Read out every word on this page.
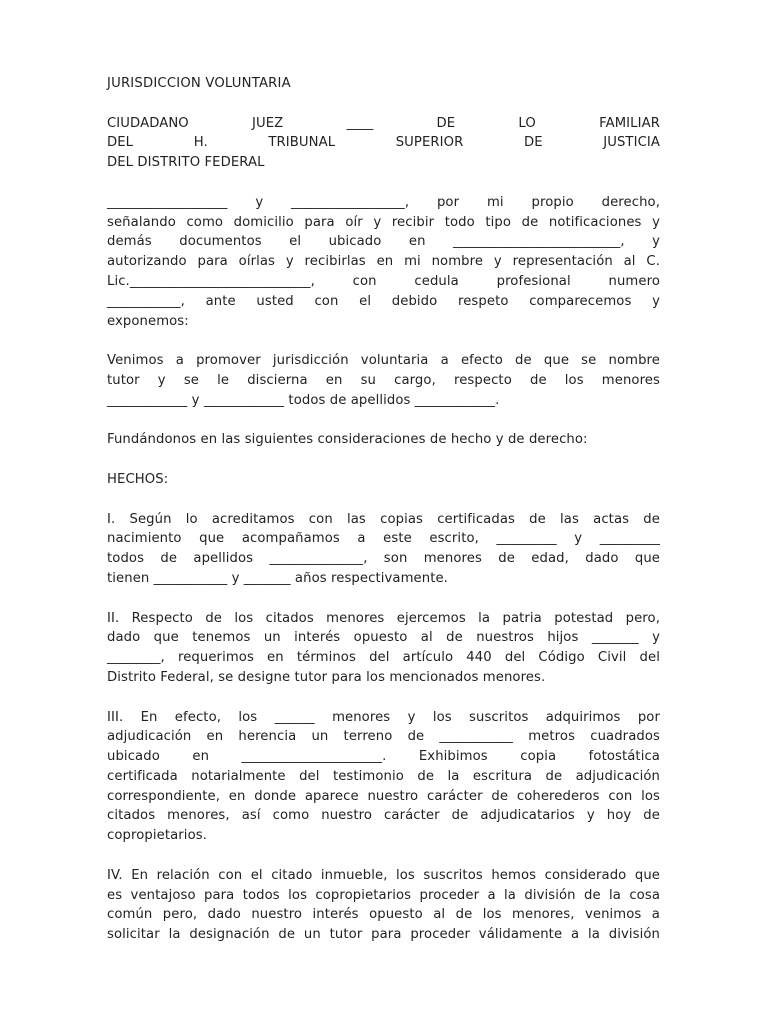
JURISDICCION VOLUNTARIA
CIUDADANO JUEZ ____ DE LO FAMILIAR
DEL H. TRIBUNAL SUPERIOR DE JUSTICIA
DEL DISTRITO FEDERAL
__________________ y _________________, por mi propio derecho,
señalando como domicilio para oír y recibir todo tipo de notificaciones y
demás documentos el ubicado en _________________________, y
autorizando para oírlas y recibirlas en mi nombre y representación al C.
Lic.___________________________, con cedula profesional numero
___________, ante usted con el debido respeto comparecemos y
exponemos:
Venimos a promover jurisdicción voluntaria a efecto de que se nombre
tutor y se le discierna en su cargo, respecto de los menores
____________ y ____________ todos de apellidos ____________.
Fundándonos en las siguientes consideraciones de hecho y de derecho:
HECHOS:
I. Según lo acreditamos con las copias certificadas de las actas de
nacimiento que acompañamos a este escrito, _________ y _________
todos de apellidos ______________, son menores de edad, dado que
tienen ___________ y _______ años respectivamente.
II. Respecto de los citados menores ejercemos la patria potestad pero,
dado que tenemos un interés opuesto al de nuestros hijos _______ y
________, requerimos en términos del artículo 440 del Código Civil del
Distrito Federal, se designe tutor para los mencionados menores.
III. En efecto, los ______ menores y los suscritos adquirimos por
adjudicación en herencia un terreno de ___________ metros cuadrados
ubicado en _____________________. Exhibimos copia fotostática
certificada notarialmente del testimonio de la escritura de adjudicación
correspondiente, en donde aparece nuestro carácter de coherederos con los
citados menores, así como nuestro carácter de adjudicatarios y hoy de
copropietarios.
IV. En relación con el citado inmueble, los suscritos hemos considerado que
es ventajoso para todos los copropietarios proceder a la división de la cosa
común pero, dado nuestro interés opuesto al de los menores, venimos a
solicitar la designación de un tutor para proceder válidamente a la división
